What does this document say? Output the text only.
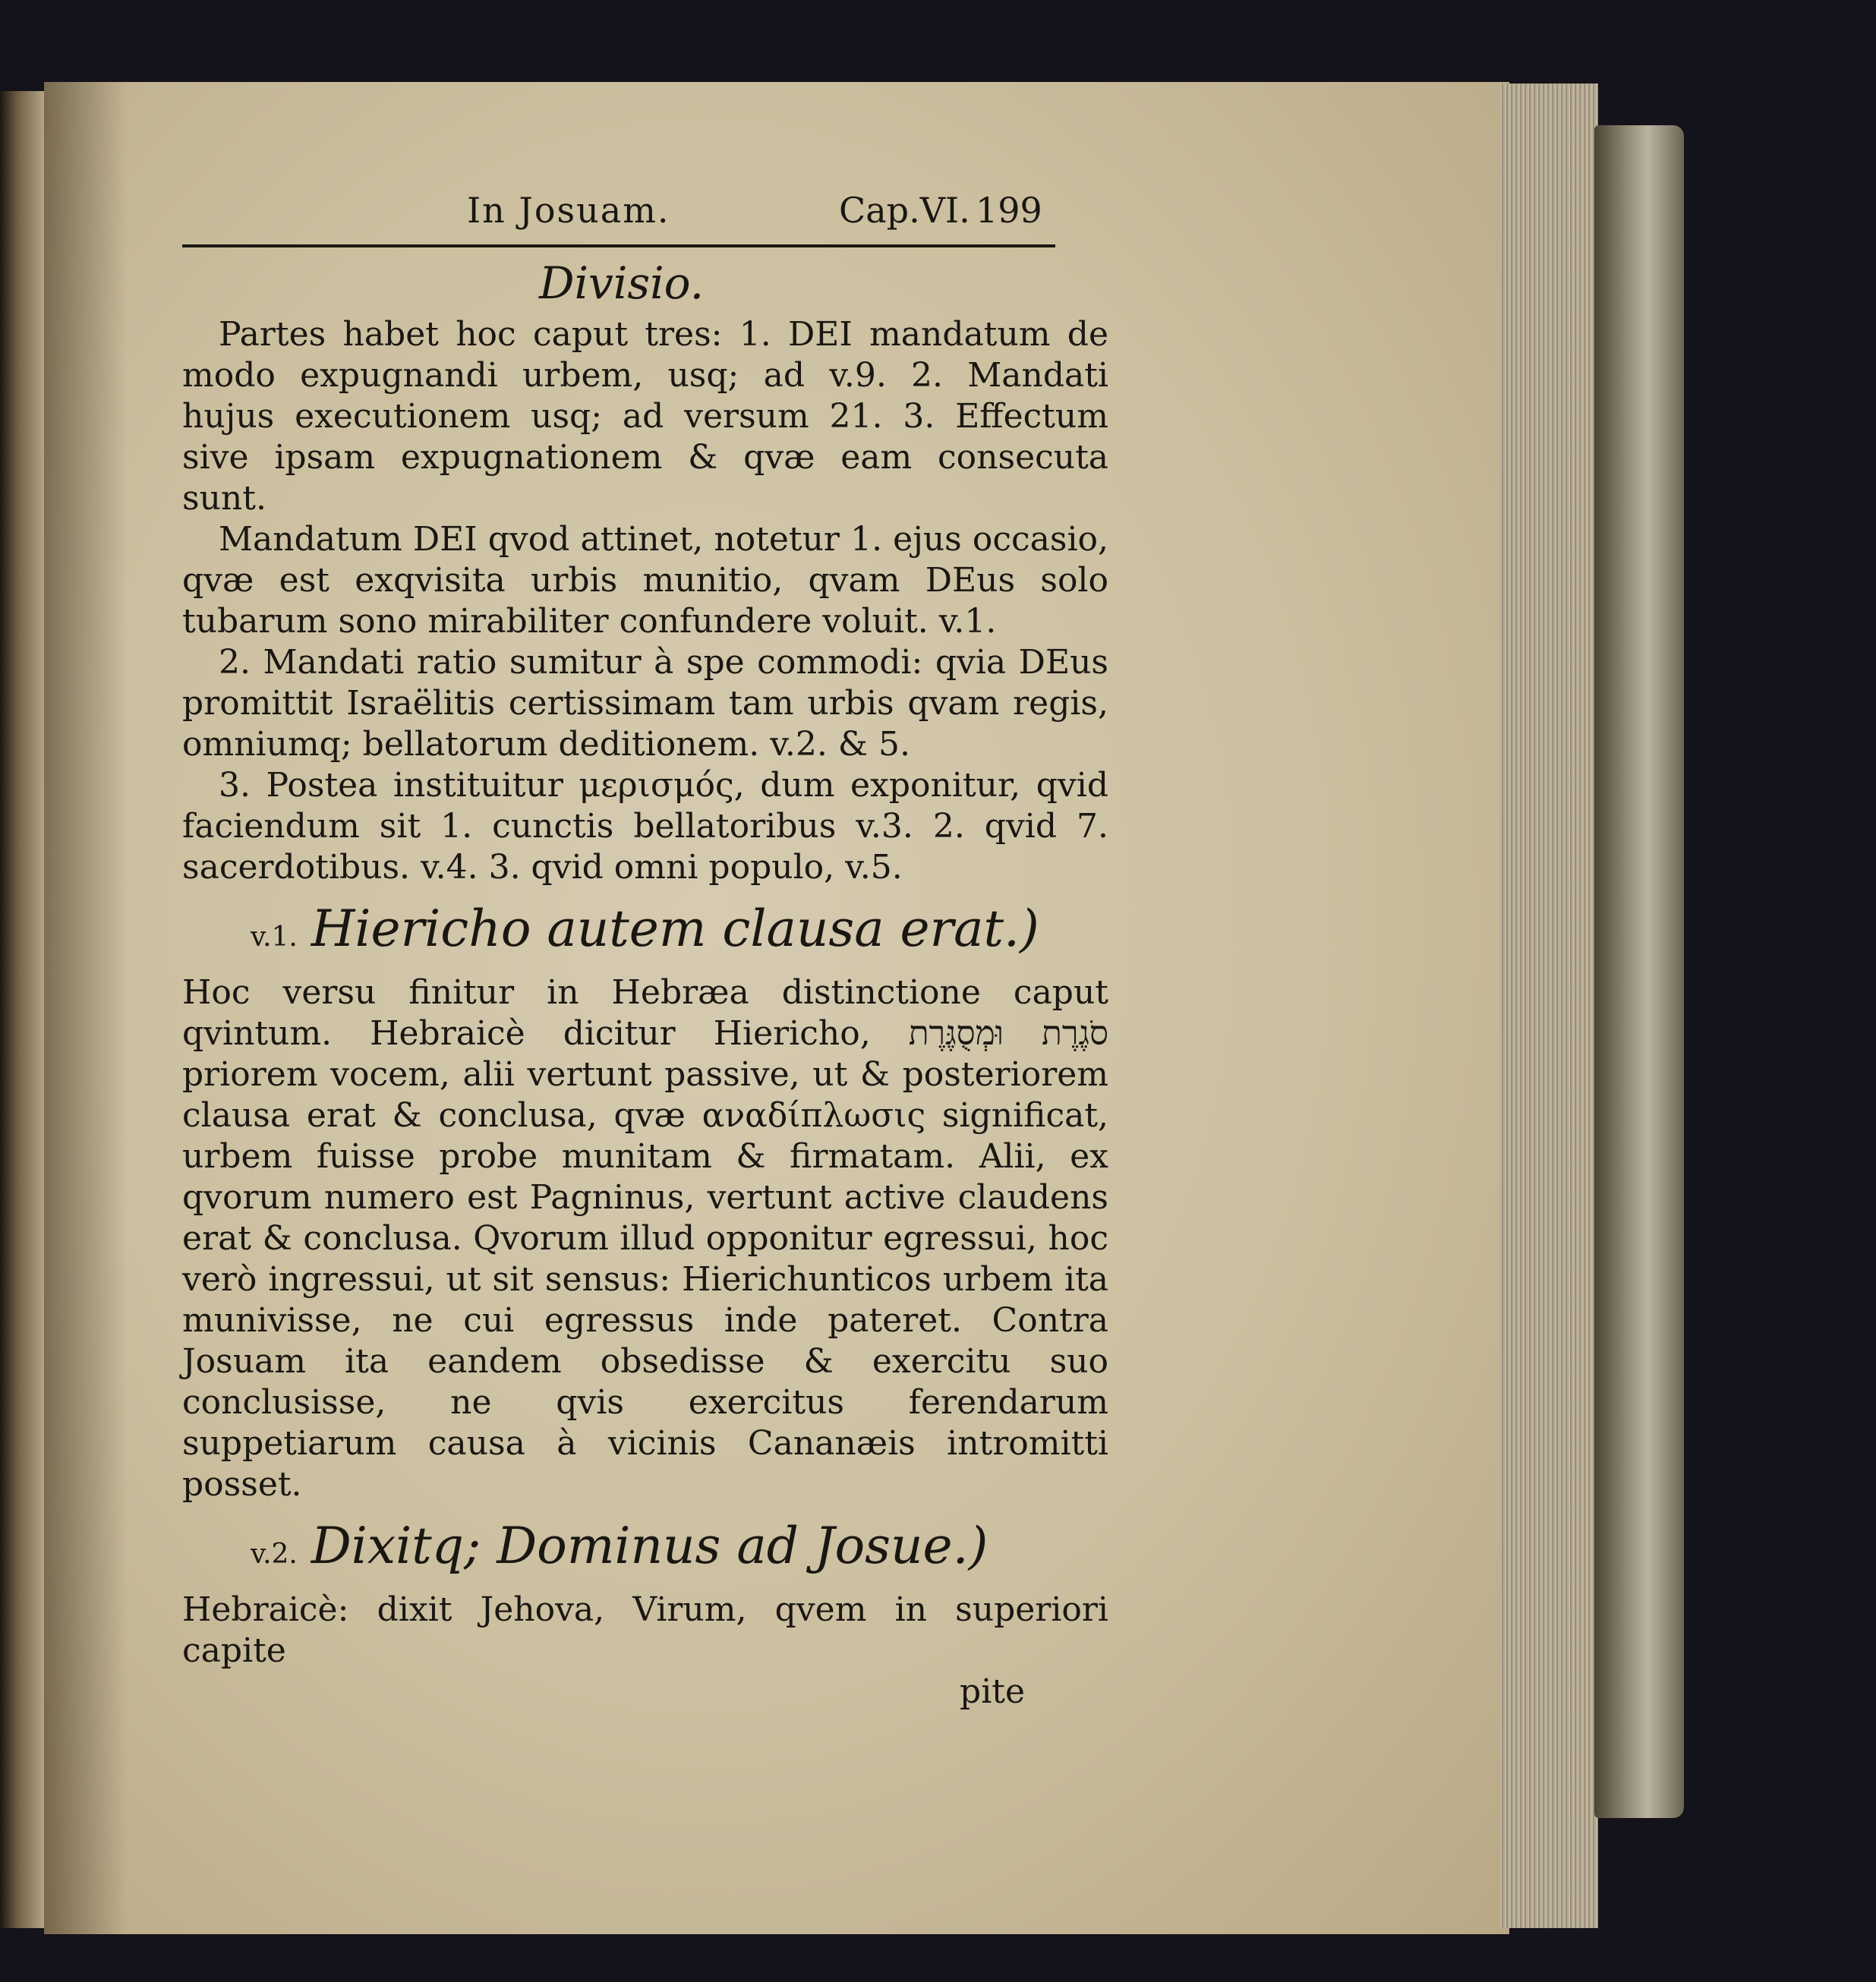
In Josuam.	Cap.VI. 199
Divisio.

Partes habet hoc caput tres: 1. DEI mandatum de modo expugnandi urbem, usq; ad v.9. 2. Mandati hujus executionem usq; ad versum 21. 3. Effectum sive ipsam expugnationem & qvæ eam consecuta sunt.

Mandatum DEI qvod attinet, notetur 1. ejus occasio, qvæ est exqvisita urbis munitio, qvam DEus solo tubarum sono mirabiliter confundere voluit. v.1.

2. Mandati ratio sumitur à spe commodi: qvia DEus promittit Israëlitis certissimam tam urbis qvam regis, omniumq; bellatorum deditionem. v.2. & 5.

3. Postea instituitur μερισμός, dum exponitur, qvid faciendum sit 1. cunctis bellatoribus v.3. 2. qvid 7. sacerdotibus. v.4. 3. qvid omni populo, v.5.

v.1. Hiericho autem clausa erat.)

Hoc versu finitur in Hebræa distinctione caput qvintum. Hebraicè dicitur Hiericho, סֹגֶרֶת וּמְסֻגֶּרֶת priorem vocem, alii vertunt passive, ut & posteriorem clausa erat & conclusa, qvæ αναδίπλωσις significat, urbem fuisse probe munitam & firmatam. Alii, ex qvorum numero est Pagninus, vertunt active claudens erat & conclusa. Qvorum illud opponitur egressui, hoc verò ingressui, ut sit sensus: Hierichunticos urbem ita munivisse, ne cui egressus inde pateret. Contra Josuam ita eandem obsedisse & exercitu suo conclusisse, ne qvis exercitus ferendarum suppetiarum causa à vicinis Cananæis intromitti posset.

v.2. Dixitq; Dominus ad Josue.)

Hebraicè: dixit Jehova, Virum, qvem in superiori capite

pite
